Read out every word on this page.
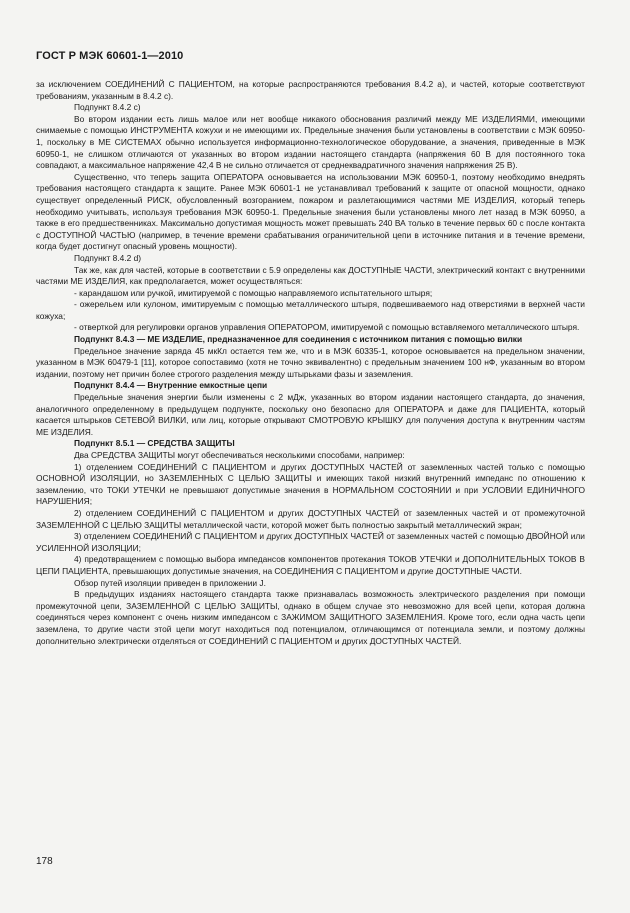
ГОСТ Р МЭК 60601-1—2010

за исключением СОЕДИНЕНИЙ С ПАЦИЕНТОМ, на которые распространяются требования 8.4.2 a), и частей, которые соответствуют требованиям, указанным в 8.4.2 с).

Подпункт 8.4.2 c)

Во втором издании есть лишь малое или нет вообще никакого обоснования различий между МЕ ИЗДЕЛИЯМИ, имеющими снимаемые с помощью ИНСТРУМЕНТА кожухи и не имеющими их. Предельные значения были установлены в соответствии с МЭК 60950-1, поскольку в МЕ СИСТЕМАХ обычно используется информационно-технологическое оборудование, а значения, приведенные в МЭК 60950-1, не слишком отличаются от указанных во втором издании настоящего стандарта (напряжения 60 В для постоянного тока совпадают, а максимальное напряжение 42,4 В не сильно отличается от среднеквадратичного значения напряжения 25 В).

Существенно, что теперь защита ОПЕРАТОРА основывается на использовании МЭК 60950-1, поэтому необходимо внедрять требования настоящего стандарта к защите. Ранее МЭК 60601-1 не устанавливал требований к защите от опасной мощности, однако существует определенный РИСК, обусловленный возгоранием, пожаром и разлетающимися частями МЕ ИЗДЕЛИЯ, который теперь необходимо учитывать, используя требования МЭК 60950-1. Предельные значения были установлены много лет назад в МЭК 60950, а также в его предшественниках. Максимально допустимая мощность может превышать 240 ВА только в течение первых 60 с после контакта с ДОСТУПНОЙ ЧАСТЬЮ (например, в течение времени срабатывания ограничительной цепи в источнике питания и в течение времени, когда будет достигнут опасный уровень мощности).

Подпункт 8.4.2 d)

Так же, как для частей, которые в соответствии с 5.9 определены как ДОСТУПНЫЕ ЧАСТИ, электрический контакт с внутренними частями МЕ ИЗДЕЛИЯ, как предполагается, может осуществляться:

- карандашом или ручкой, имитируемой с помощью направляемого испытательного штыря;

- ожерельем или кулоном, имитируемым с помощью металлического штыря, подвешиваемого над отверстиями в верхней части кожуха;

- отверткой для регулировки органов управления ОПЕРАТОРОМ, имитируемой с помощью вставляемого металлического штыря.

Подпункт 8.4.3 — МЕ ИЗДЕЛИЕ, предназначенное для соединения с источником питания с помощью вилки

Предельное значение заряда 45 мкКл остается тем же, что и в МЭК 60335-1, которое основывается на предельном значении, указанном в МЭК 60479-1 [11], которое сопоставимо (хотя не точно эквивалентно) с предельным значением 100 нФ, указанным во втором издании, поэтому нет причин более строгого разделения между штырьками фазы и заземления.

Подпункт 8.4.4 — Внутренние емкостные цепи

Предельные значения энергии были изменены с 2 мДж, указанных во втором издании настоящего стандарта, до значения, аналогичного определенному в предыдущем подпункте, поскольку оно безопасно для ОПЕРАТОРА и даже для ПАЦИЕНТА, который касается штырьков СЕТЕВОЙ ВИЛКИ, или лиц, которые открывают СМОТРОВУЮ КРЫШКУ для получения доступа к внутренним частям МЕ ИЗДЕЛИЯ.

Подпункт 8.5.1 — СРЕДСТВА ЗАЩИТЫ

Два СРЕДСТВА ЗАЩИТЫ могут обеспечиваться несколькими способами, например:

1) отделением СОЕДИНЕНИЙ С ПАЦИЕНТОМ и других ДОСТУПНЫХ ЧАСТЕЙ от заземленных частей только с помощью ОСНОВНОЙ ИЗОЛЯЦИИ, но ЗАЗЕМЛЕННЫХ С ЦЕЛЬЮ ЗАЩИТЫ и имеющих такой низкий внутренний импеданс по отношению к заземлению, что ТОКИ УТЕЧКИ не превышают допустимые значения в НОРМАЛЬНОМ СОСТОЯНИИ и при УСЛОВИИ ЕДИНИЧНОГО НАРУШЕНИЯ;

2) отделением СОЕДИНЕНИЙ С ПАЦИЕНТОМ и других ДОСТУПНЫХ ЧАСТЕЙ от заземленных частей и от промежуточной ЗАЗЕМЛЕННОЙ С ЦЕЛЬЮ ЗАЩИТЫ металлической части, которой может быть полностью закрытый металлический экран;

3) отделением СОЕДИНЕНИЙ С ПАЦИЕНТОМ и других ДОСТУПНЫХ ЧАСТЕЙ от заземленных частей с помощью ДВОЙНОЙ или УСИЛЕННОЙ ИЗОЛЯЦИИ;

4) предотвращением с помощью выбора импедансов компонентов протекания ТОКОВ УТЕЧКИ и ДОПОЛНИТЕЛЬНЫХ ТОКОВ В ЦЕПИ ПАЦИЕНТА, превышающих допустимые значения, на СОЕДИНЕНИЯ С ПАЦИЕНТОМ и другие ДОСТУПНЫЕ ЧАСТИ.

Обзор путей изоляции приведен в приложении J.

В предыдущих изданиях настоящего стандарта также признавалась возможность электрического разделения при помощи промежуточной цепи, ЗАЗЕМЛЕННОЙ С ЦЕЛЬЮ ЗАЩИТЫ, однако в общем случае это невозможно для всей цепи, которая должна соединяться через компонент с очень низким импедансом с ЗАЖИМОМ ЗАЩИТНОГО ЗАЗЕМЛЕНИЯ. Кроме того, если одна часть цепи заземлена, то другие части этой цепи могут находиться под потенциалом, отличающимся от потенциала земли, и поэтому должны дополнительно электрически отделяться от СОЕДИНЕНИЙ С ПАЦИЕНТОМ и других ДОСТУПНЫХ ЧАСТЕЙ.

178
